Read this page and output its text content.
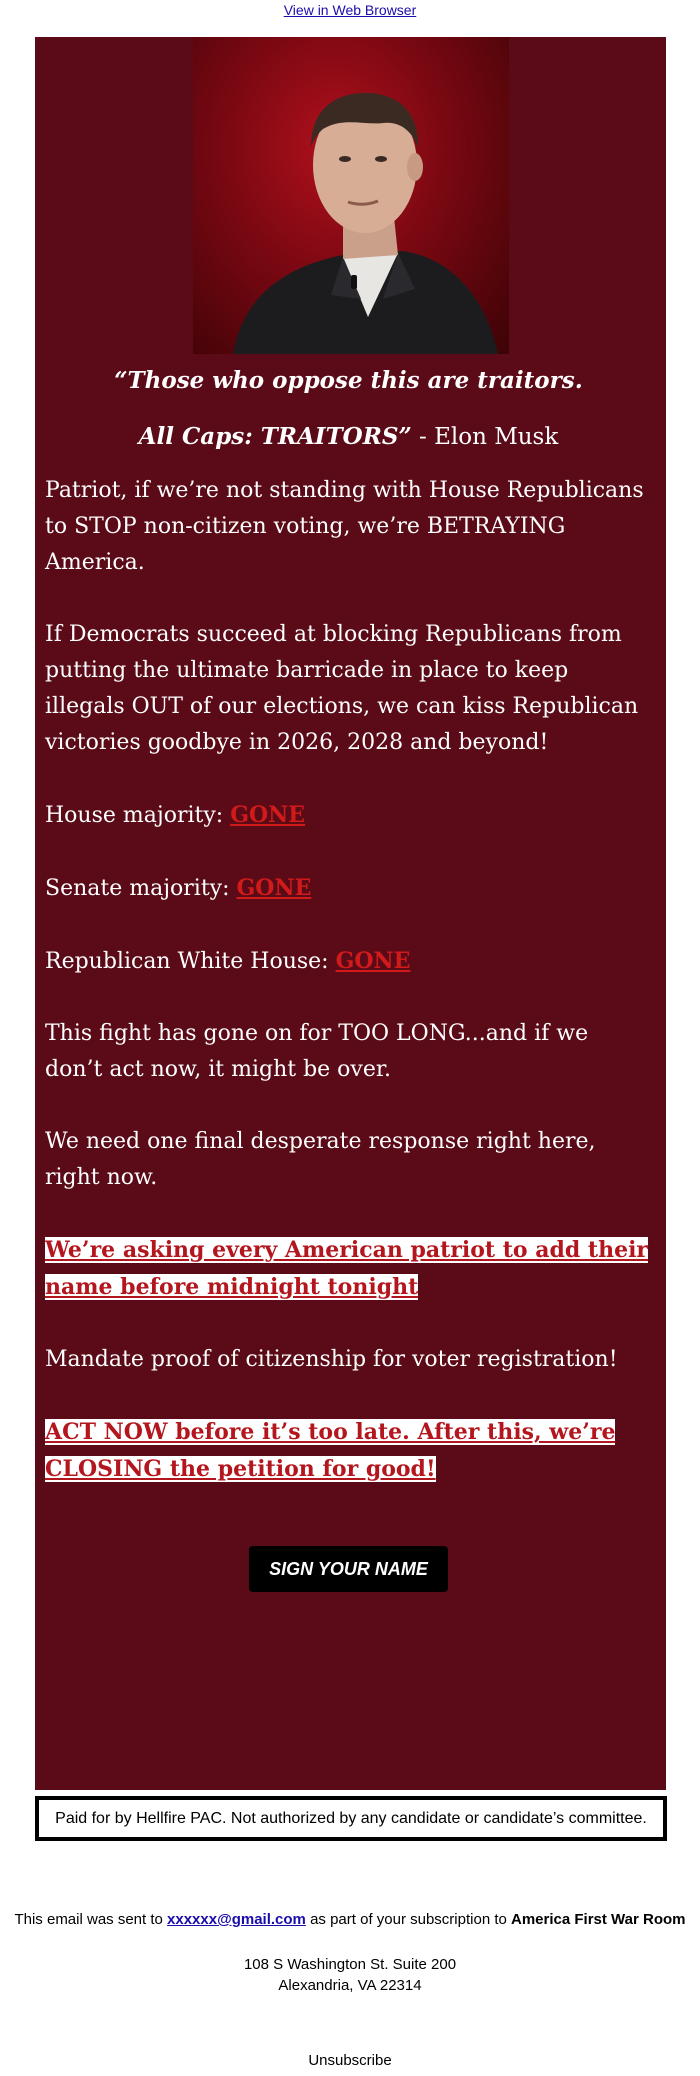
View in Web Browser

“Those who oppose this are traitors.

All Caps: TRAITORS” - Elon Musk

Patriot, if we’re not standing with House Republicans to STOP non-citizen voting, we’re BETRAYING America.

If Democrats succeed at blocking Republicans from putting the ultimate barricade in place to keep illegals OUT of our elections, we can kiss Republican victories goodbye in 2026, 2028 and beyond!

House majority: GONE

Senate majority: GONE

Republican White House: GONE

This fight has gone on for TOO LONG...and if we don’t act now, it might be over.

We need one final desperate response right here, right now.

We’re asking every American patriot to add their name before midnight tonight

Mandate proof of citizenship for voter registration!

ACT NOW before it’s too late. After this, we’re CLOSING the petition for good!

SIGN YOUR NAME
Paid for by Hellfire PAC. Not authorized by any candidate or candidate’s committee.
This email was sent to xxxxxx@gmail.com as part of your subscription to America First War Room
108 S Washington St. Suite 200
Alexandria, VA 22314
Unsubscribe
